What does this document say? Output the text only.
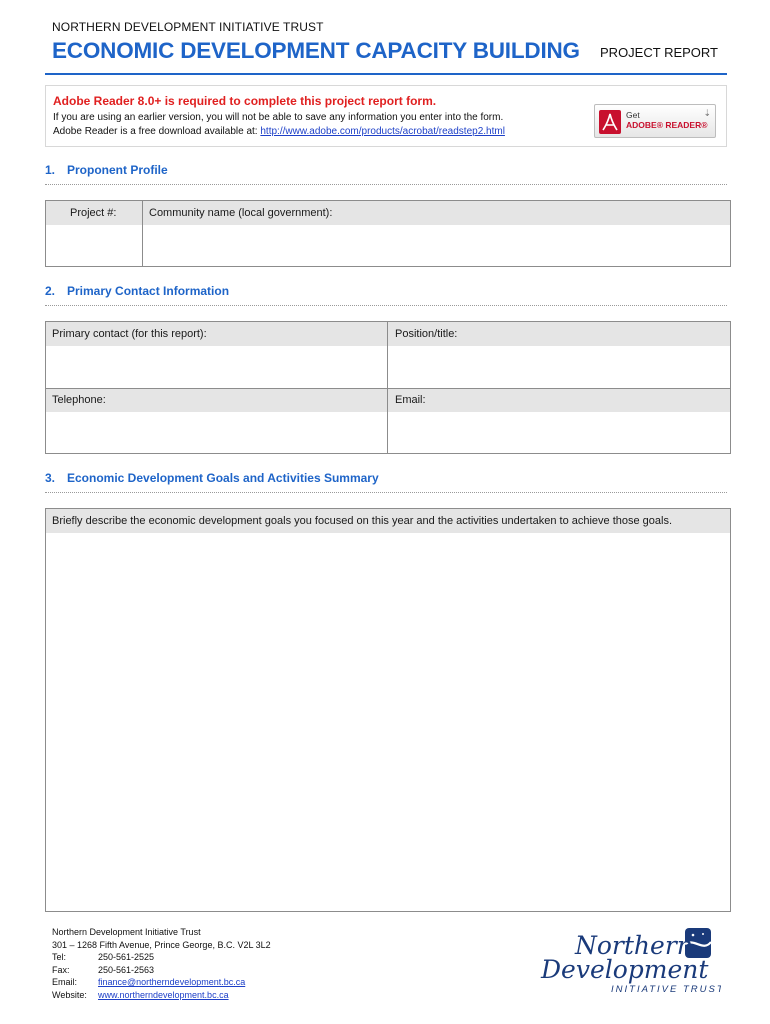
NORTHERN DEVELOPMENT INITIATIVE TRUST
ECONOMIC DEVELOPMENT CAPACITY BUILDING PROJECT REPORT
Adobe Reader 8.0+ is required to complete this project report form.
If you are using an earlier version, you will not be able to save any information you enter into the form.
Adobe Reader is a free download available at: http://www.adobe.com/products/acrobat/readstep2.html
Get
ADOBE® READER®
⇣
1. Proponent Profile
Project #:	Community name (local government):
2. Primary Contact Information
Primary contact (for this report):	Position/title:
Telephone:	Email:
3. Economic Development Goals and Activities Summary
Briefly describe the economic development goals you focused on this year and the activities undertaken to achieve those goals.
Northern Development Initiative Trust
301 – 1268 Fifth Avenue, Prince George, B.C. V2L 3L2
Tel:	250-561-2525
Fax:	250-561-2563
Email: finance@northerndevelopment.bc.ca
Website: www.northerndevelopment.bc.ca
Northern
Development
INITIATIVE TRUST
